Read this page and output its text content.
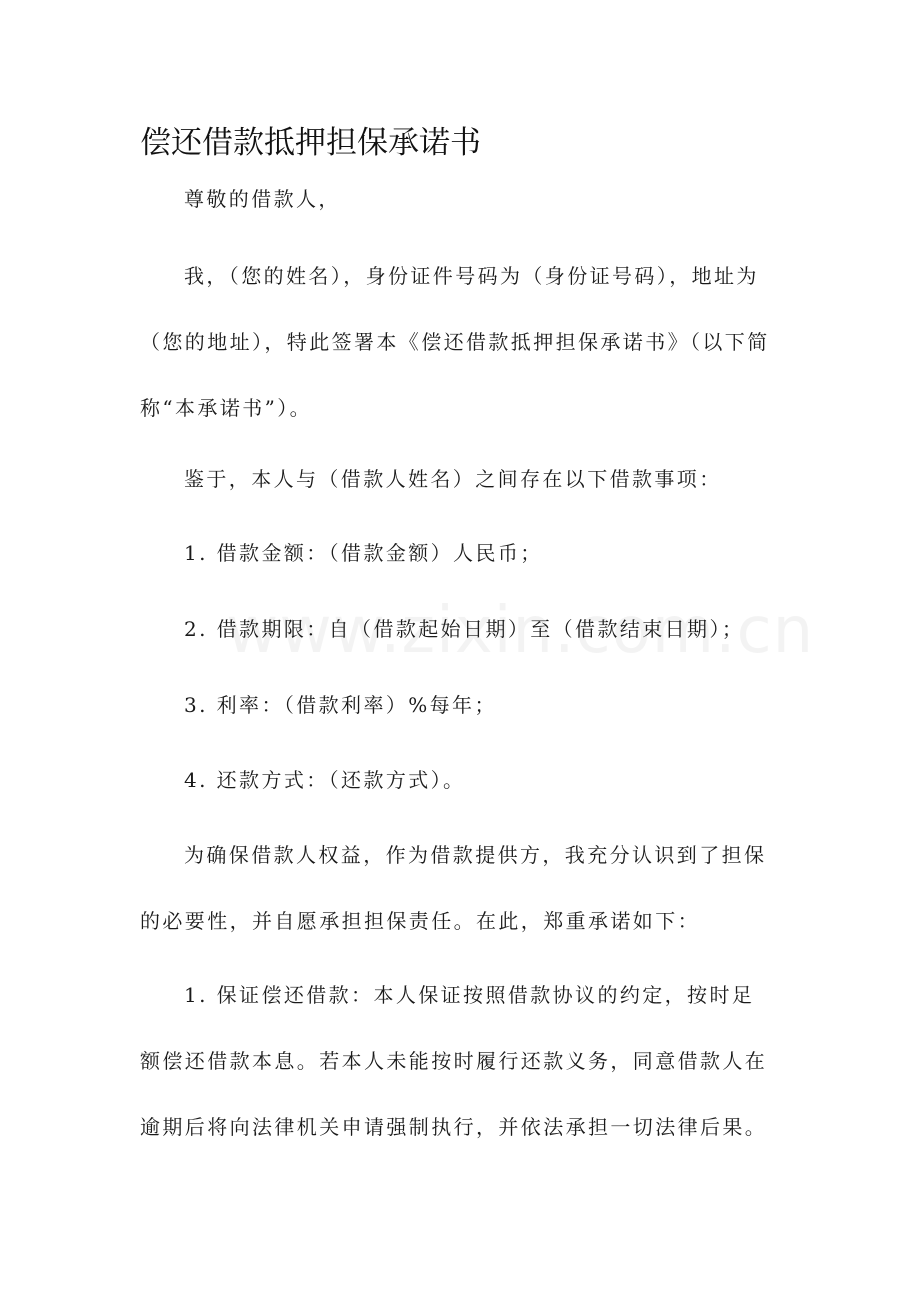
偿还借款抵押担保承诺书

尊敬的借款人，

我，（您的姓名），身份证件号码为（身份证号码），地址为（您的地址），特此签署本《偿还借款抵押担保承诺书》（以下简称“本承诺书”）。

鉴于，本人与（借款人姓名）之间存在以下借款事项：

1. 借款金额：（借款金额）人民币；

2. 借款期限：自（借款起始日期）至（借款结束日期）；

3. 利率：（借款利率）%每年；

4. 还款方式：（还款方式）。

为确保借款人权益，作为借款提供方，我充分认识到了担保的必要性，并自愿承担担保责任。在此，郑重承诺如下：

1. 保证偿还借款：本人保证按照借款协议的约定，按时足额偿还借款本息。若本人未能按时履行还款义务，同意借款人在逾期后将向法律机关申请强制执行，并依法承担一切法律后果。
